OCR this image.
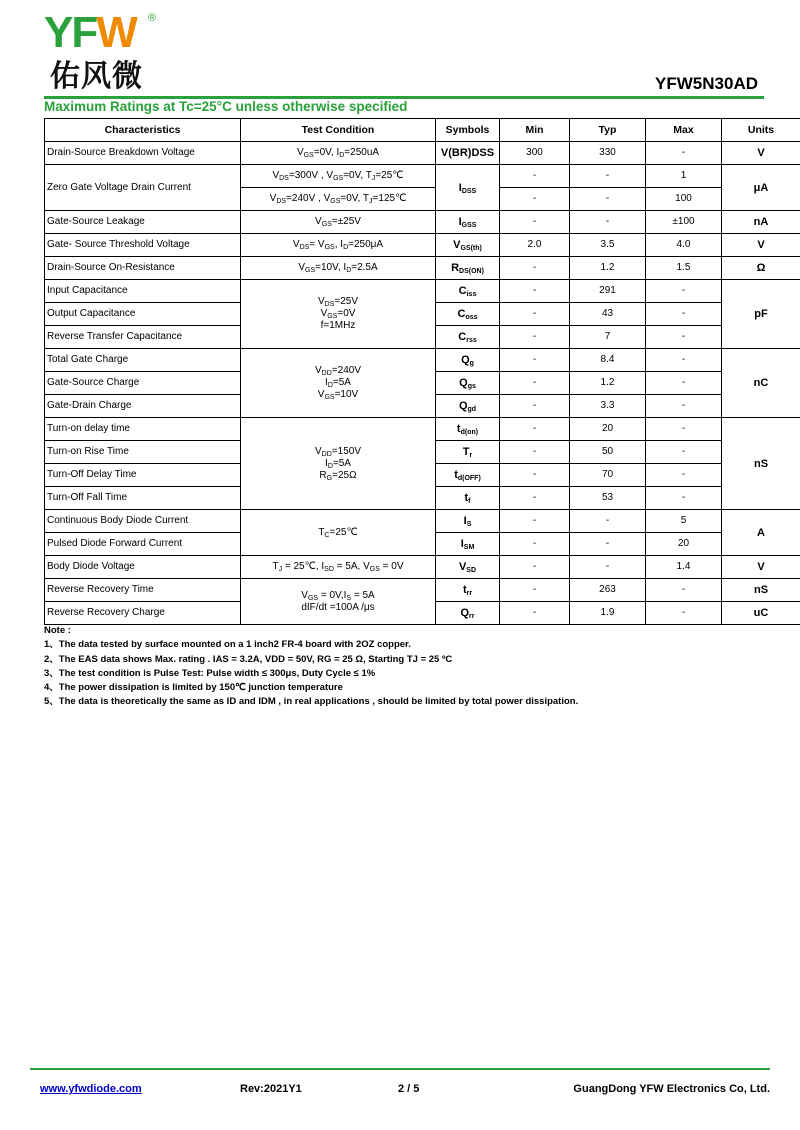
YFW ®
佑风微	YFW5N30AD
Maximum Ratings at Tc=25°C unless otherwise specified
Characteristics	Test Condition	Symbols	Min	Typ	Max	Units
Drain-Source Breakdown Voltage	$V_{GS}=0V$, $I_D=250uA$	V(BR)DSS	300	330	-	V
Zero Gate Voltage Drain Current	$V_{DS}=300V$ , $V_{GS}=0V$, $T_J=25℃$	$I_{DSS}$	-	-	1	μA
	$V_{DS}=240V$ , $V_{GS}=0V$, $T_J=125℃$		-	-	100	
Gate-Source Leakage	$V_{GS}=\pm 25V$	$I_{GSS}$	-	-	±100	nA
Gate- Source Threshold Voltage	$V_{DS}= V_{GS}$, $I_D=250\mu A$	$V_{GS(th)}$	2.0	3.5	4.0	V
Drain-Source On-Resistance	$V_{GS}=10V$, $I_D=2.5A$	$R_{DS(ON)}$	-	1.2	1.5	Ω
Input Capacitance	$V_{DS}=25V$
$V_{GS}=0V$
f=1MHz	$C_{iss}$	-	291	-	pF
Output Capacitance		$C_{oss}$	-	43	-	
Reverse Transfer Capacitance		$C_{rss}$	-	7	-	
Total Gate Charge	$V_{DD}=240V$
$I_D=5A$
$V_{GS}=10V$	$Q_g$	-	8.4	-	nC
Gate-Source Charge		$Q_{gs}$	-	1.2	-	
Gate-Drain Charge		$Q_{gd}$	-	3.3	-	
Turn-on delay time	$V_{DD}=150V$
$I_D=5A$
$R_G=25\Omega$	$t_{d(on)}$	-	20	-	nS
Turn-on Rise Time		$T_r$	-	50	-	
Turn-Off Delay Time		$t_{d(OFF)}$	-	70	-	
Turn-Off Fall Time		$t_f$	-	53	-	
Continuous Body Diode Current	$T_C=25℃$	$I_S$	-	-	5	A
Pulsed Diode Forward Current		$I_{SM}$	-	-	20	
Body Diode Voltage	$T_J$ = 25℃, $I_{SD} = 5A$, $V_{GS} = 0V$	$V_{SD}$	-	-	1.4	V
Reverse Recovery Time	$V_{GS} = 0V,I_S = 5A$
dIF/dt =100A /μs	$t_{rr}$	-	263	-	nS
Reverse Recovery Charge		$Q_{rr}$	-	1.9	-	uC
Note :
1、The data tested by surface mounted on a 1 inch2 FR-4 board with 2OZ copper.
2、The EAS data shows Max. rating . IAS = 3.2A, VDD = 50V, RG = 25 Ω, Starting TJ = 25 ºC
3、The test condition is Pulse Test: Pulse width ≤ 300μs, Duty Cycle ≤ 1%
4、The power dissipation is limited by 150℃ junction temperature
5、The data is theoretically the same as ID and IDM , in real applications , should be limited by total power dissipation.
www.yfwdiode.com	Rev:2021Y1	2 / 5	GuangDong YFW Electronics Co, Ltd.
